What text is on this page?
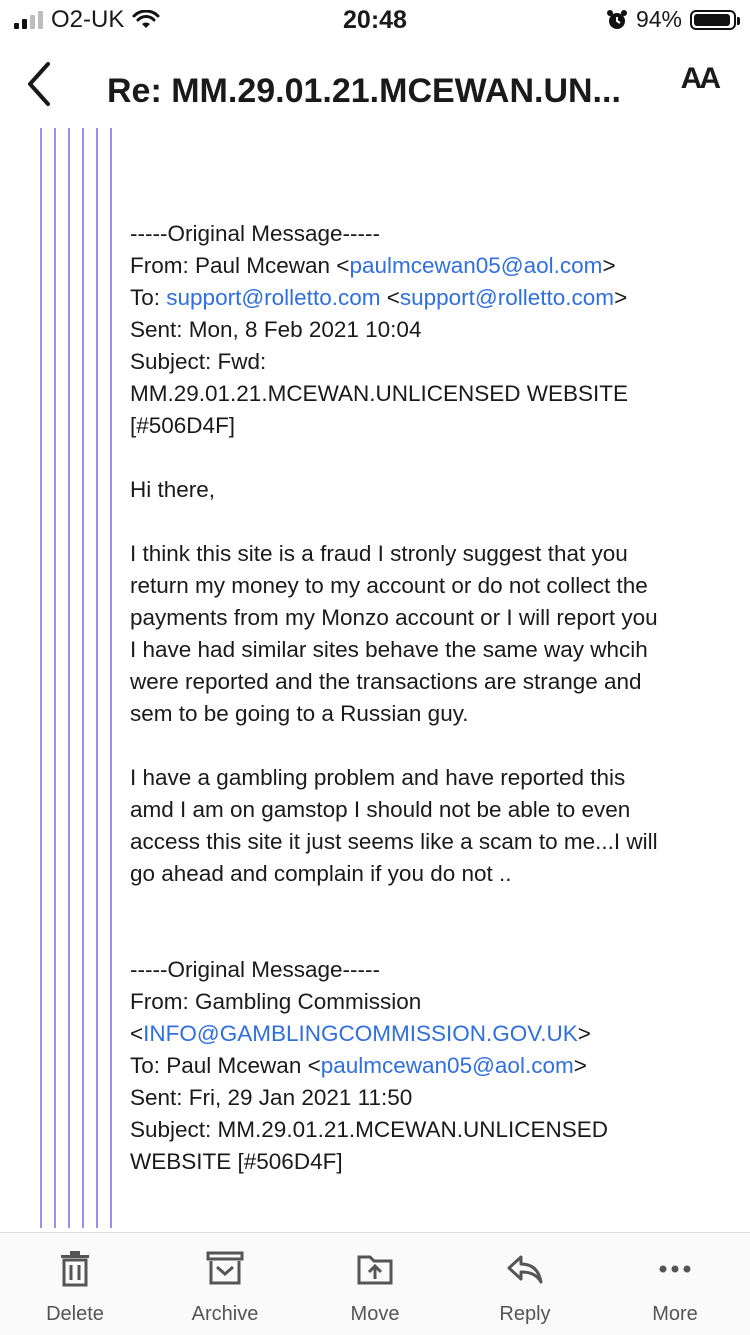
O2-UK	20:48	94%
Re: MM.29.01.21.MCEWAN.UN... AA

-----Original Message-----

From: Paul Mcewan <paulmcewan05@aol.com>

To: support@rolletto.com <support@rolletto.com>

Sent: Mon, 8 Feb 2021 10:04

Subject: Fwd:

MM.29.01.21.MCEWAN.UNLICENSED WEBSITE

[#506D4F]

Hi there,

I think this site is a fraud I stronly suggest that you

return my money to my account or do not collect the

payments from my Monzo account or I will report you

I have had similar sites behave the same way whcih

were reported and the transactions are strange and

sem to be going to a Russian guy.

I have a gambling problem and have reported this

amd I am on gamstop I should not be able to even

access this site it just seems like a scam to me...I will

go ahead and complain if you do not ..

-----Original Message-----

From: Gambling Commission

<INFO@GAMBLINGCOMMISSION.GOV.UK>

To: Paul Mcewan <paulmcewan05@aol.com>

Sent: Fri, 29 Jan 2021 11:50

Subject: MM.29.01.21.MCEWAN.UNLICENSED

WEBSITE [#506D4F]

Delete	Archive	Move	Reply	More
